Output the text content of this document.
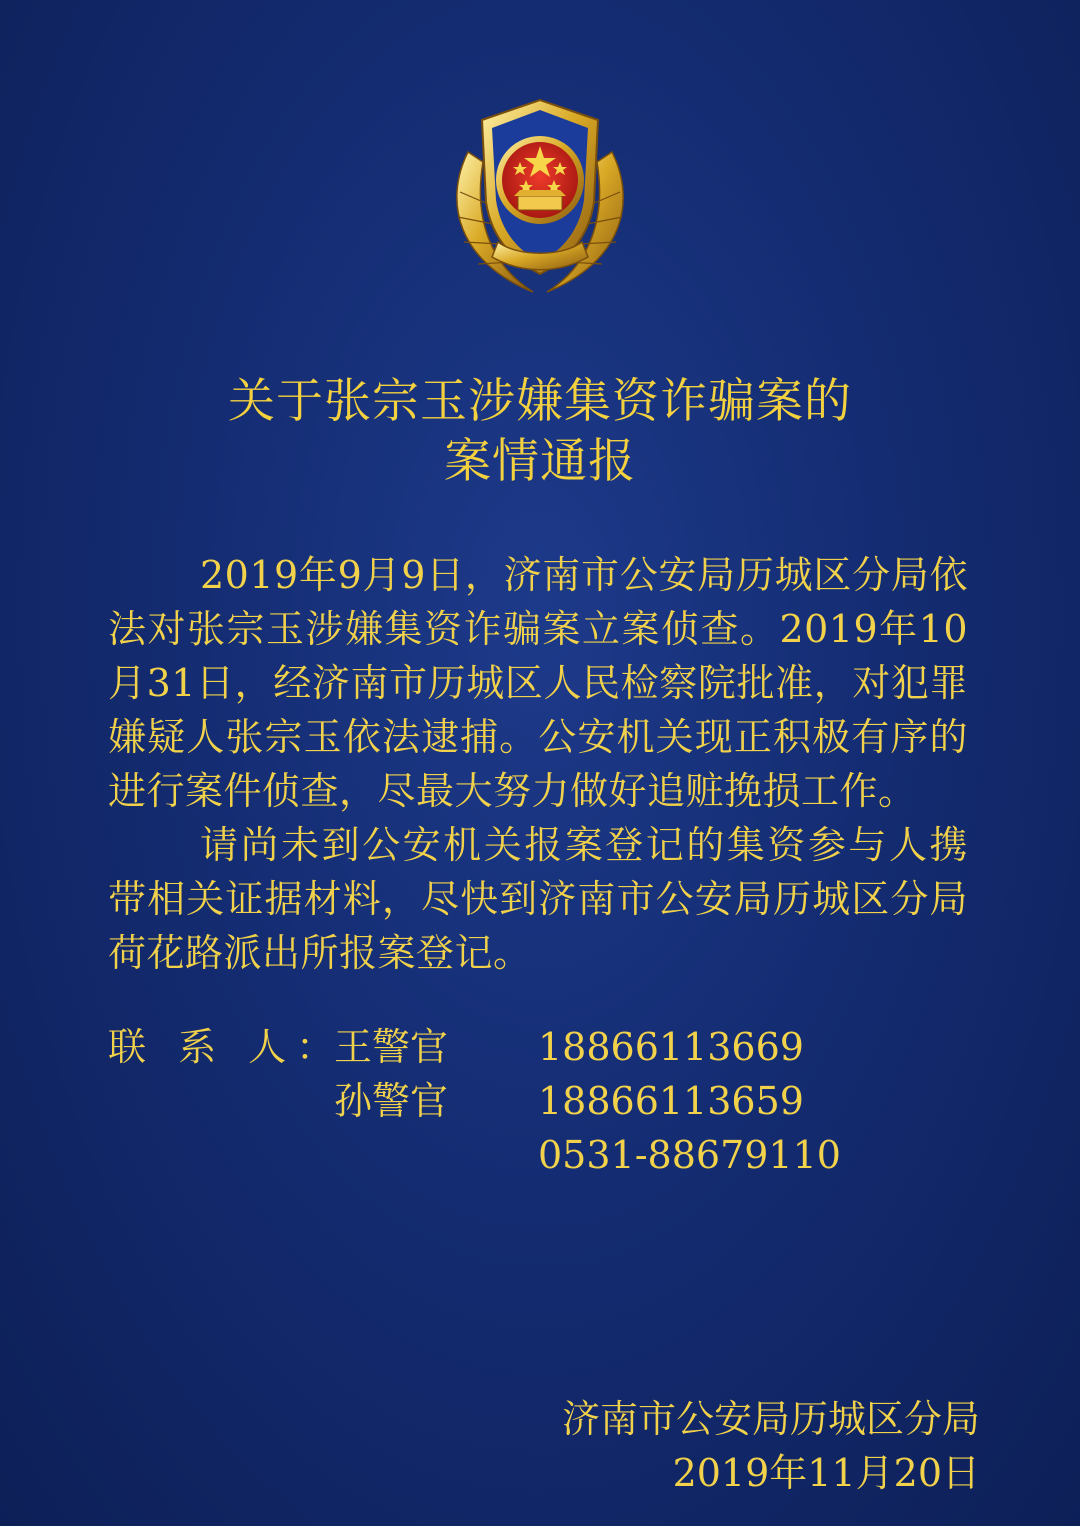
关于张宗玉涉嫌集资诈骗案的
案情通报

2019年9月9日，济南市公安局历城区分局依法对张宗玉涉嫌集资诈骗案立案侦查。2019年10月31日，经济南市历城区人民检察院批准，对犯罪嫌疑人张宗玉依法逮捕。公安机关现正积极有序的进行案件侦查，尽最大努力做好追赃挽损工作。

请尚未到公安机关报案登记的集资参与人携带相关证据材料，尽快到济南市公安局历城区分局荷花路派出所报案登记。

联 系 人：
王警官 18866113669
孙警官 18866113659
0531-88679110
济南市公安局历城区分局
2019年11月20日
